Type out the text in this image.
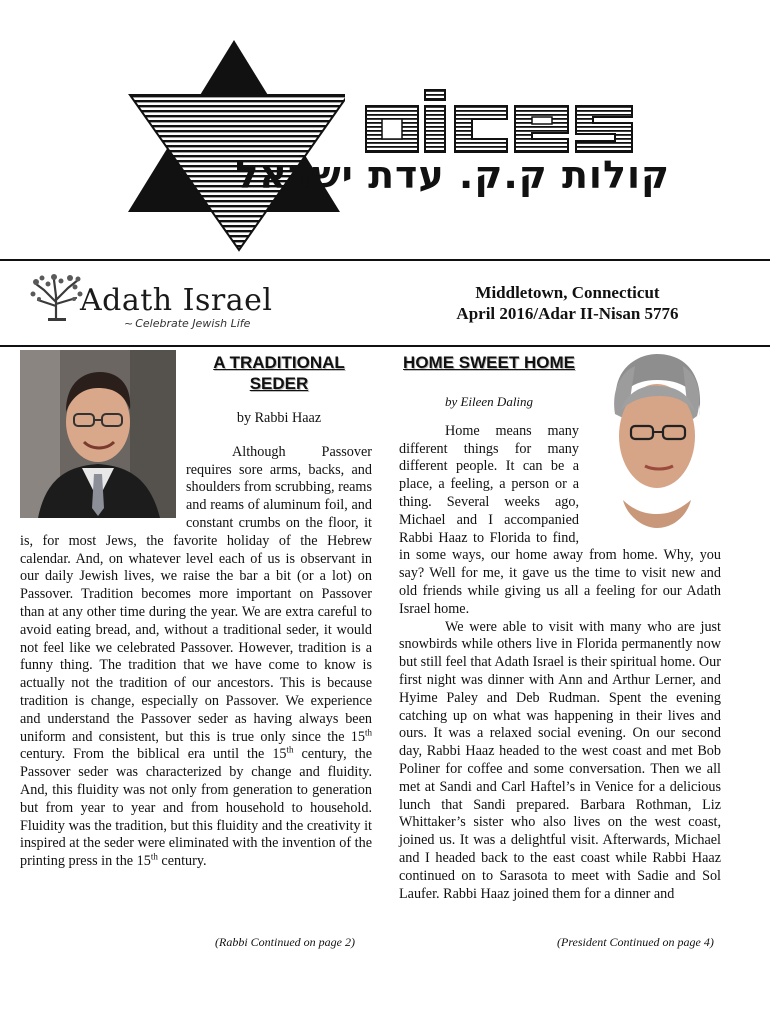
קולות ק.ק. עדת ישראל
Adath Israel
~ Celebrate Jewish Life
Middletown, Connecticut
April 2016/Adar II-Nisan 5776
A TRADITIONAL SEDER

by Rabbi Haaz

Although Passover requires sore arms, backs, and shoulders from scrubbing, reams and reams of aluminum foil, and constant crumbs on the floor, it is, for most Jews, the favorite holiday of the Hebrew calendar. And, on whatever level each of us is observant in our daily Jewish lives, we raise the bar a bit (or a lot) on Passover. Tradition becomes more important on Passover than at any other time during the year. We are extra careful to avoid eating bread, and, without a traditional seder, it would not feel like we celebrated Passover. However, tradition is a funny thing. The tradition that we have come to know is actually not the tradition of our ancestors. This is because tradition is change, especially on Passover. We experience and understand the Passover seder as having always been uniform and consistent, but this is true only since the 15th century. From the biblical era until the 15th century, the Passover seder was characterized by change and fluidity. And, this fluidity was not only from generation to generation but from year to year and from household to household. Fluidity was the tradition, but this fluidity and the creativity it inspired at the seder were eliminated with the invention of the printing press in the 15th century.

(Rabbi Continued on page 2)
HOME SWEET HOME

by Eileen Daling

Home means many different things for many different people. It can be a place, a feeling, a person or a thing. Several weeks ago, Michael and I accompanied Rabbi Haaz to Florida to find, in some ways, our home away from home. Why, you say? Well for me, it gave us the time to visit new and old friends while giving us all a feeling for our Adath Israel home.

We were able to visit with many who are just snowbirds while others live in Florida permanently now but still feel that Adath Israel is their spiritual home. Our first night was dinner with Ann and Arthur Lerner, and Hyime Paley and Deb Rudman. Spent the evening catching up on what was happening in their lives and ours. It was a relaxed social evening. On our second day, Rabbi Haaz headed to the west coast and met Bob Poliner for coffee and some conversation. Then we all met at Sandi and Carl Haftel’s in Venice for a delicious lunch that Sandi prepared. Barbara Rothman, Liz Whittaker’s sister who also lives on the west coast, joined us. It was a delightful visit. Afterwards, Michael and I headed back to the east coast while Rabbi Haaz continued on to Sarasota to meet with Sadie and Sol Laufer. Rabbi Haaz joined them for a dinner and

(President Continued on page 4)
